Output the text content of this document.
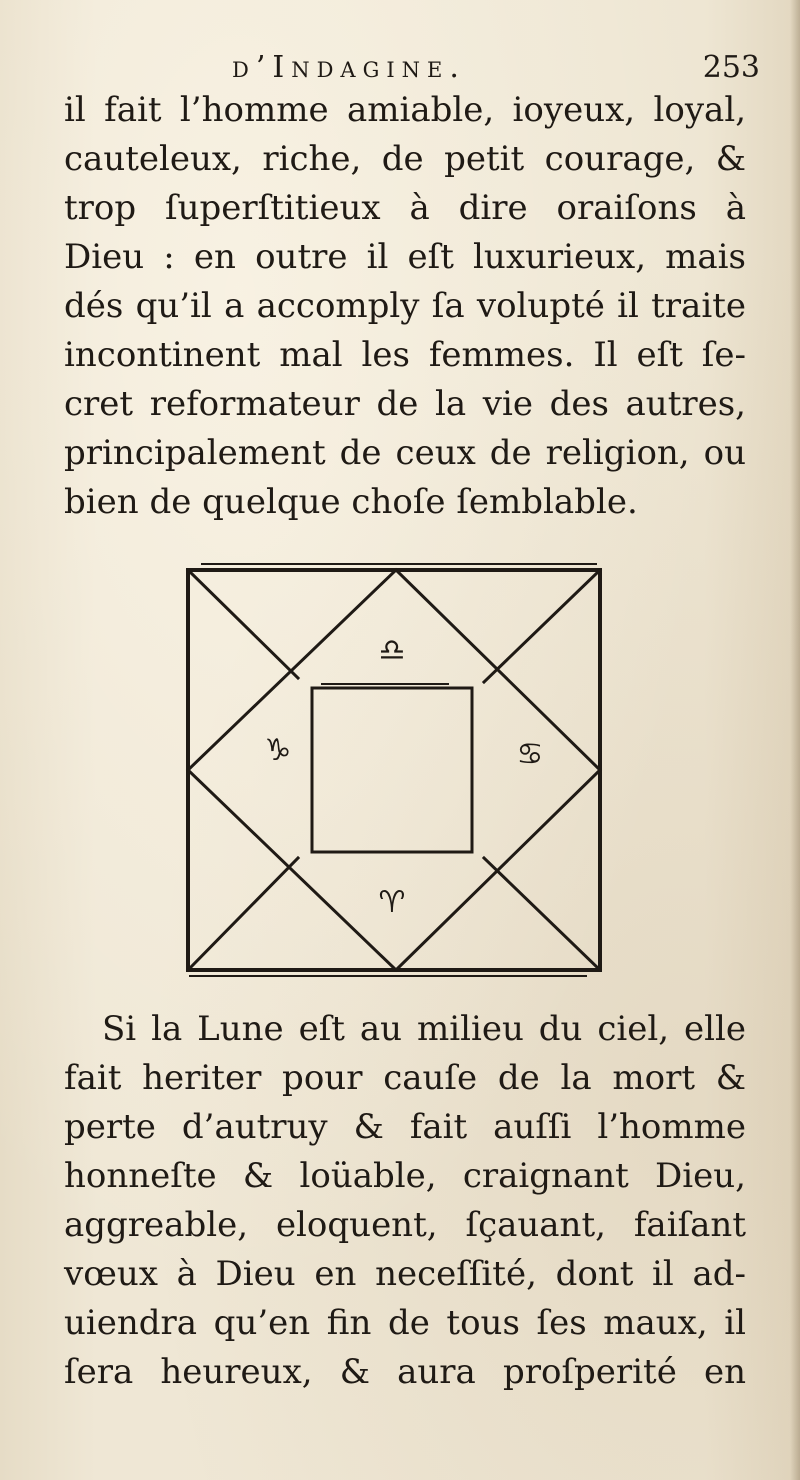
d’Indagine.	253
il fait l’homme amiable, ioyeux, loyal,
cauteleux, riche, de petit courage, &
trop ſuperſtitieux à dire oraiſons à
Dieu : en outre il eſt luxurieux, mais
dés qu’il a accomply ſa volupté il traite
incontinent mal les femmes. Il eſt ſe-
cret reformateur de la vie des autres,
principalement de ceux de religion, ou
bien de quelque choſe ſemblable.
♎
♑	♋
♈
Si la Lune eſt au milieu du ciel, elle
fait heriter pour cauſe de la mort &
perte d’autruy & fait auſſi l’homme
honneſte & loüable, craignant Dieu,
aggreable, eloquent, ſçauant, faiſant
vœux à Dieu en neceſſité, dont il ad-
uiendra qu’en fin de tous ſes maux, il
ſera heureux, & aura proſperité en
